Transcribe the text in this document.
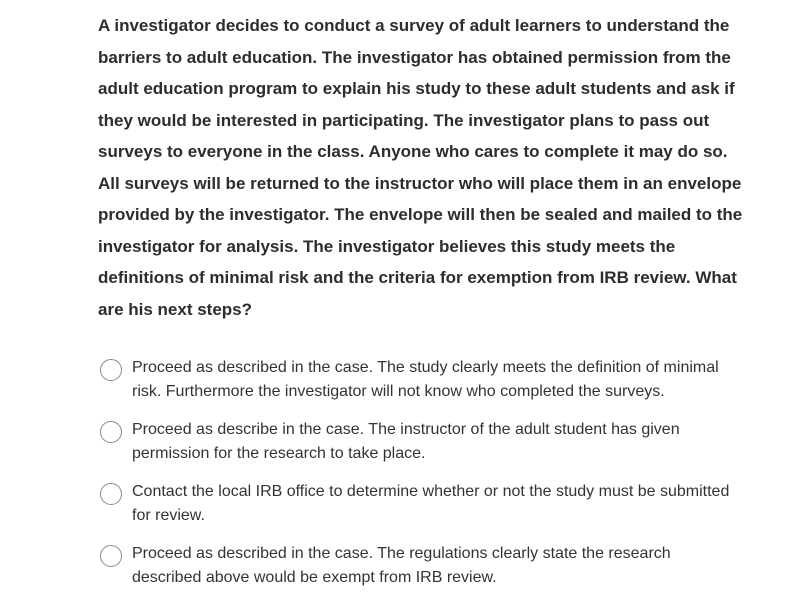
A investigator decides to conduct a survey of adult learners to understand the barriers to adult education. The investigator has obtained permission from the adult education program to explain his study to these adult students and ask if they would be interested in participating. The investigator plans to pass out surveys to everyone in the class. Anyone who cares to complete it may do so. All surveys will be returned to the instructor who will place them in an envelope provided by the investigator. The envelope will then be sealed and mailed to the investigator for analysis. The investigator believes this study meets the definitions of minimal risk and the criteria for exemption from IRB review. What are his next steps?

Proceed as described in the case. The study clearly meets the definition of minimal risk. Furthermore the investigator will not know who completed the surveys.
Proceed as describe in the case. The instructor of the adult student has given permission for the research to take place.
Contact the local IRB office to determine whether or not the study must be submitted for review.
Proceed as described in the case. The regulations clearly state the research described above would be exempt from IRB review.
